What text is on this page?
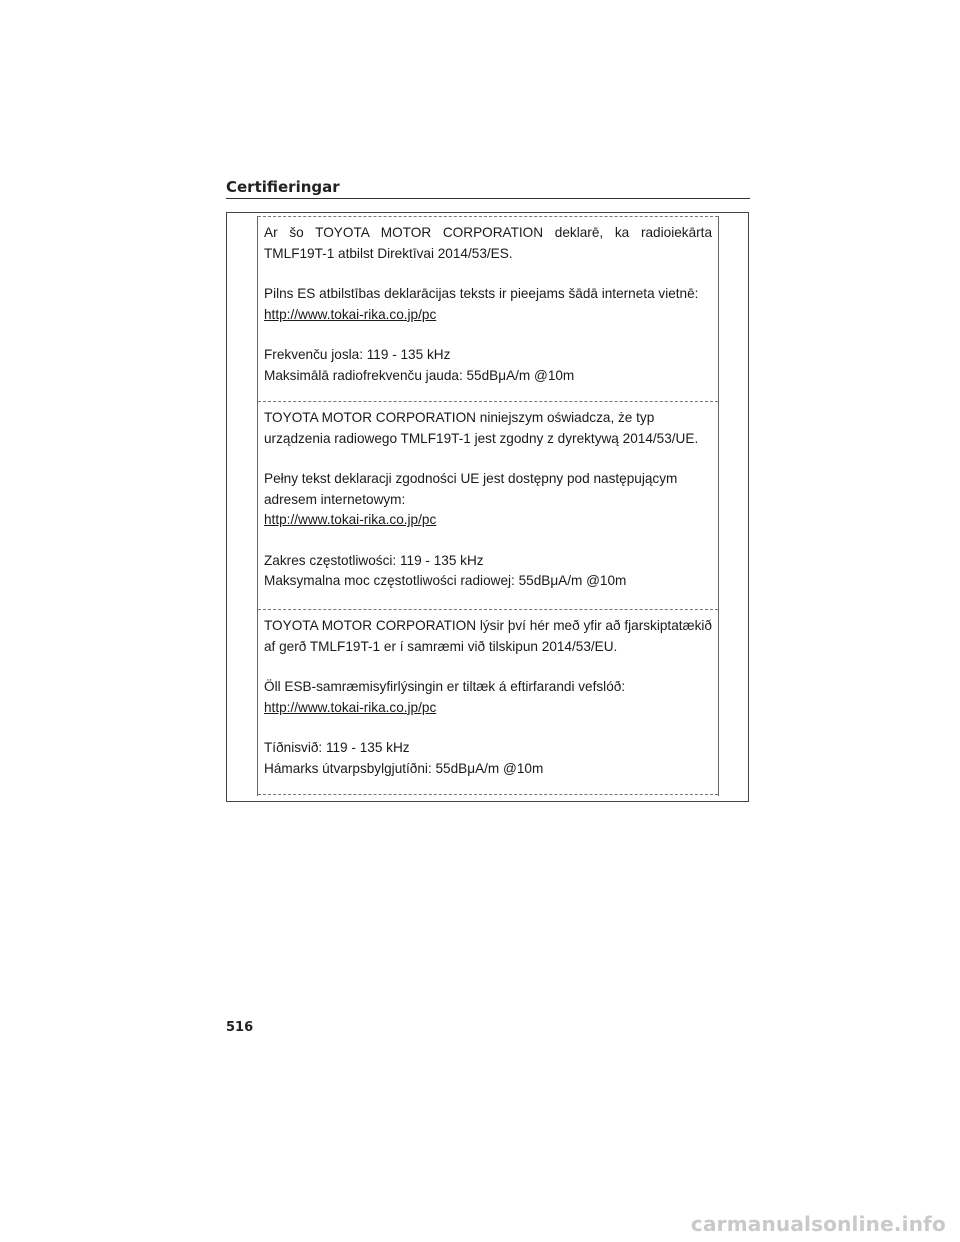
Certifieringar

Ar šo TOYOTA MOTOR CORPORATION deklarē, ka radioiekārta TMLF19T-1 atbilst Direktīvai 2014/53/ES.

Pilns ES atbilstības deklarācijas teksts ir pieejams šādā interneta vietnē:

http://www.tokai-rika.co.jp/pc
Frekvenču josla: 119 - 135 kHz
Maksimālā radiofrekvenču jauda: 55dBμA/m @10m

TOYOTA MOTOR CORPORATION niniejszym oświadcza, że typ urządzenia radiowego TMLF19T-1 jest zgodny z dyrektywą 2014/53/UE.

Pełny tekst deklaracji zgodności UE jest dostępny pod następującym adresem internetowym:

http://www.tokai-rika.co.jp/pc
Zakres częstotliwości: 119 - 135 kHz
Maksymalna moc częstotliwości radiowej: 55dBμA/m @10m

TOYOTA MOTOR CORPORATION lýsir því hér með yfir að fjarskiptatækið af gerð TMLF19T-1 er í samræmi við tilskipun 2014/53/EU.

Öll ESB-samræmisyfirlýsingin er tiltæk á eftirfarandi vefslóð:

http://www.tokai-rika.co.jp/pc
Tíðnisvið: 119 - 135 kHz
Hámarks útvarpsbylgjutíðni: 55dBμA/m @10m
516
carmanualsonline.info
